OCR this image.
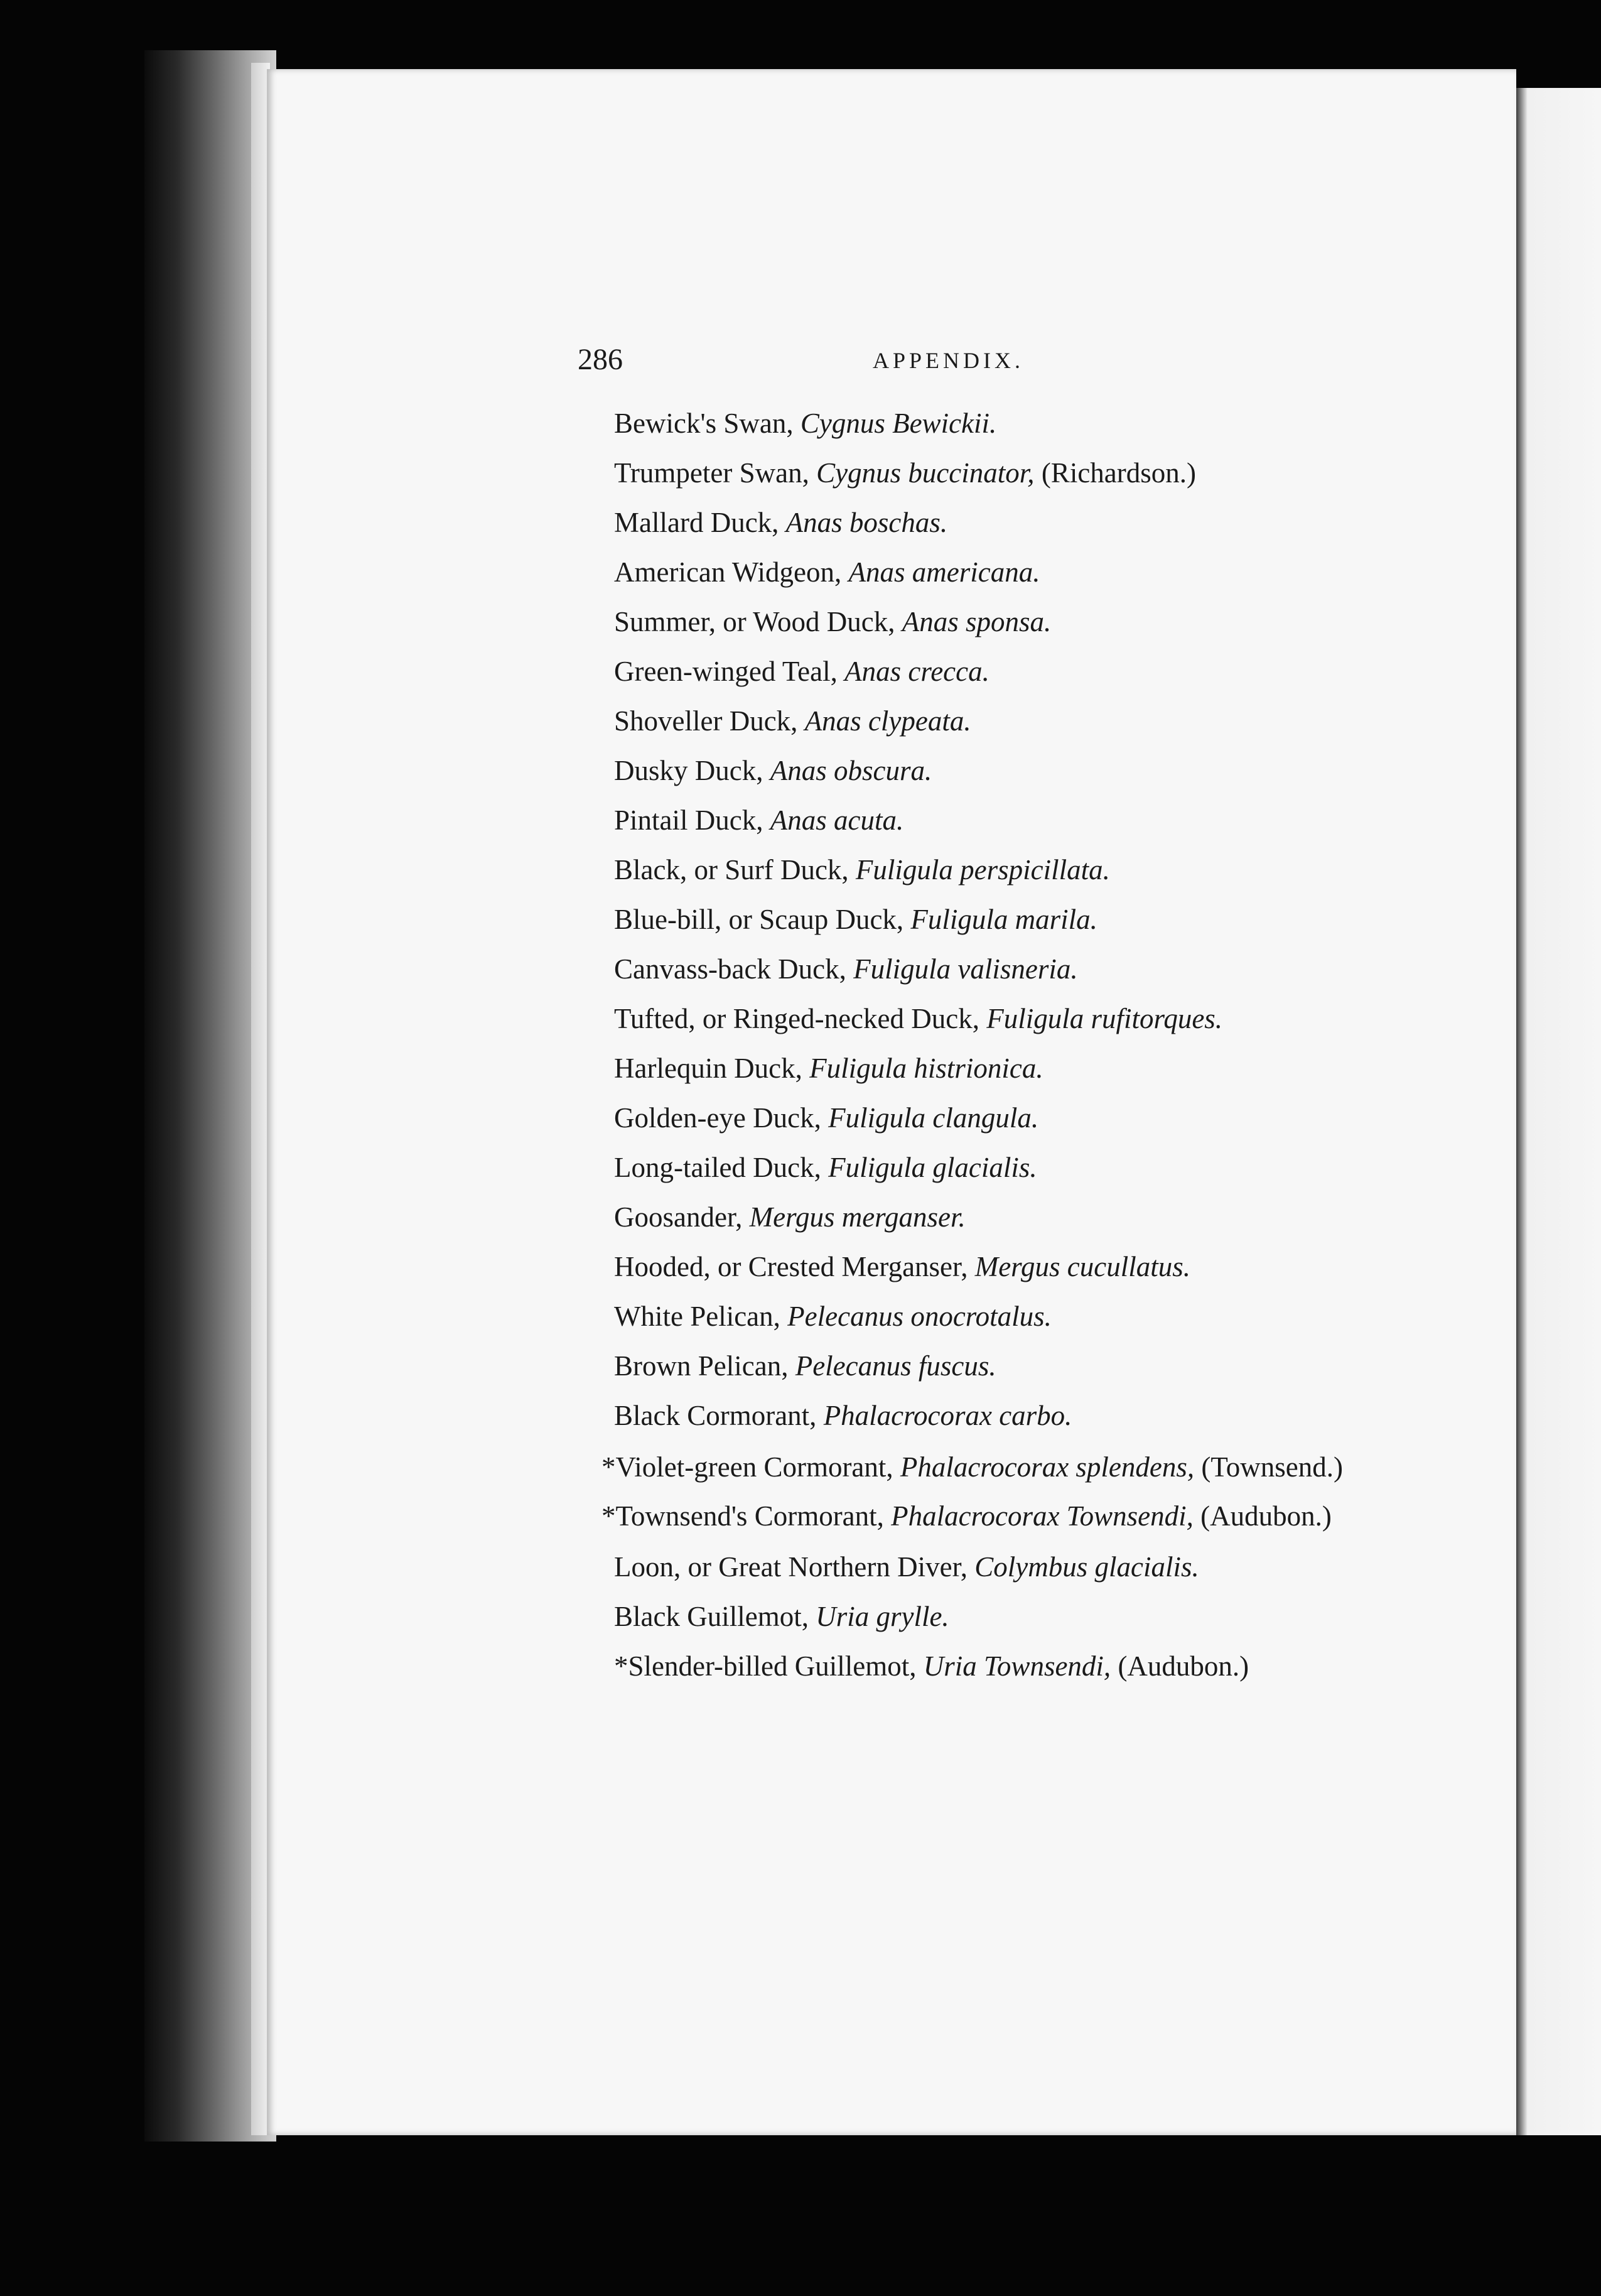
286	APPENDIX.
Bewick's Swan, Cygnus Bewickii.
Trumpeter Swan, Cygnus buccinator, (Richardson.)
Mallard Duck, Anas boschas.
American Widgeon, Anas americana.
Summer, or Wood Duck, Anas sponsa.
Green-winged Teal, Anas crecca.
Shoveller Duck, Anas clypeata.
Dusky Duck, Anas obscura.
Pintail Duck, Anas acuta.
Black, or Surf Duck, Fuligula perspicillata.
Blue-bill, or Scaup Duck, Fuligula marila.
Canvass-back Duck, Fuligula valisneria.
Tufted, or Ringed-necked Duck, Fuligula rufitorques.
Harlequin Duck, Fuligula histrionica.
Golden-eye Duck, Fuligula clangula.
Long-tailed Duck, Fuligula glacialis.
Goosander, Mergus merganser.
Hooded, or Crested Merganser, Mergus cucullatus.
White Pelican, Pelecanus onocrotalus.
Brown Pelican, Pelecanus fuscus.
Black Cormorant, Phalacrocorax carbo.
*Violet-green Cormorant, Phalacrocorax splendens, (Townsend.)
*Townsend's Cormorant, Phalacrocorax Townsendi, (Audubon.)
Loon, or Great Northern Diver, Colymbus glacialis.
Black Guillemot, Uria grylle.
*Slender-billed Guillemot, Uria Townsendi, (Audubon.)
